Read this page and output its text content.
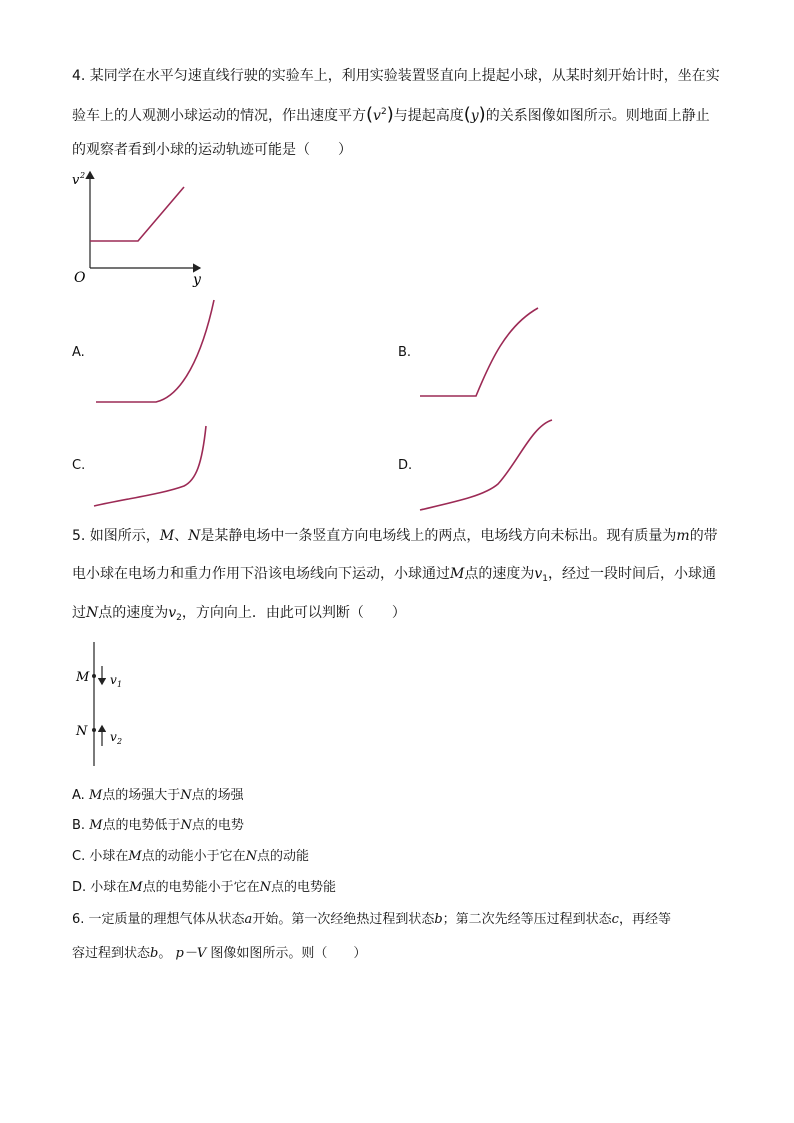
4. 某同学在水平匀速直线行驶的实验车上，利用实验装置竖直向上提起小球，从某时刻开始计时，坐在实
验车上的人观测小球运动的情况，作出速度平方$(v^2)$与提起高度(y)的关系图像如图所示。则地面上静止
的观察者看到小球的运动轨迹可能是（　　）
v 2
O	y
A.	B.
C.	D.
5. 如图所示，M、N是某静电场中一条竖直方向电场线上的两点，电场线方向未标出。现有质量为m的带
电小球在电场力和重力作用下沿该电场线向下运动，小球通过M点的速度为$v_1$，经过一段时间后，小球通
过N点的速度为$v_2$，方向向上．由此可以判断（　　）
M
N
v 1
v 2
A. M点的场强大于N点的场强
B. M点的电势低于N点的电势
C. 小球在M点的动能小于它在N点的动能
D. 小球在M点的电势能小于它在N点的电势能
6. 一定质量的理想气体从状态a开始。第一次经绝热过程到状态b；第二次先经等压过程到状态c，再经等
容过程到状态b。 p－V 图像如图所示。则（　　）
